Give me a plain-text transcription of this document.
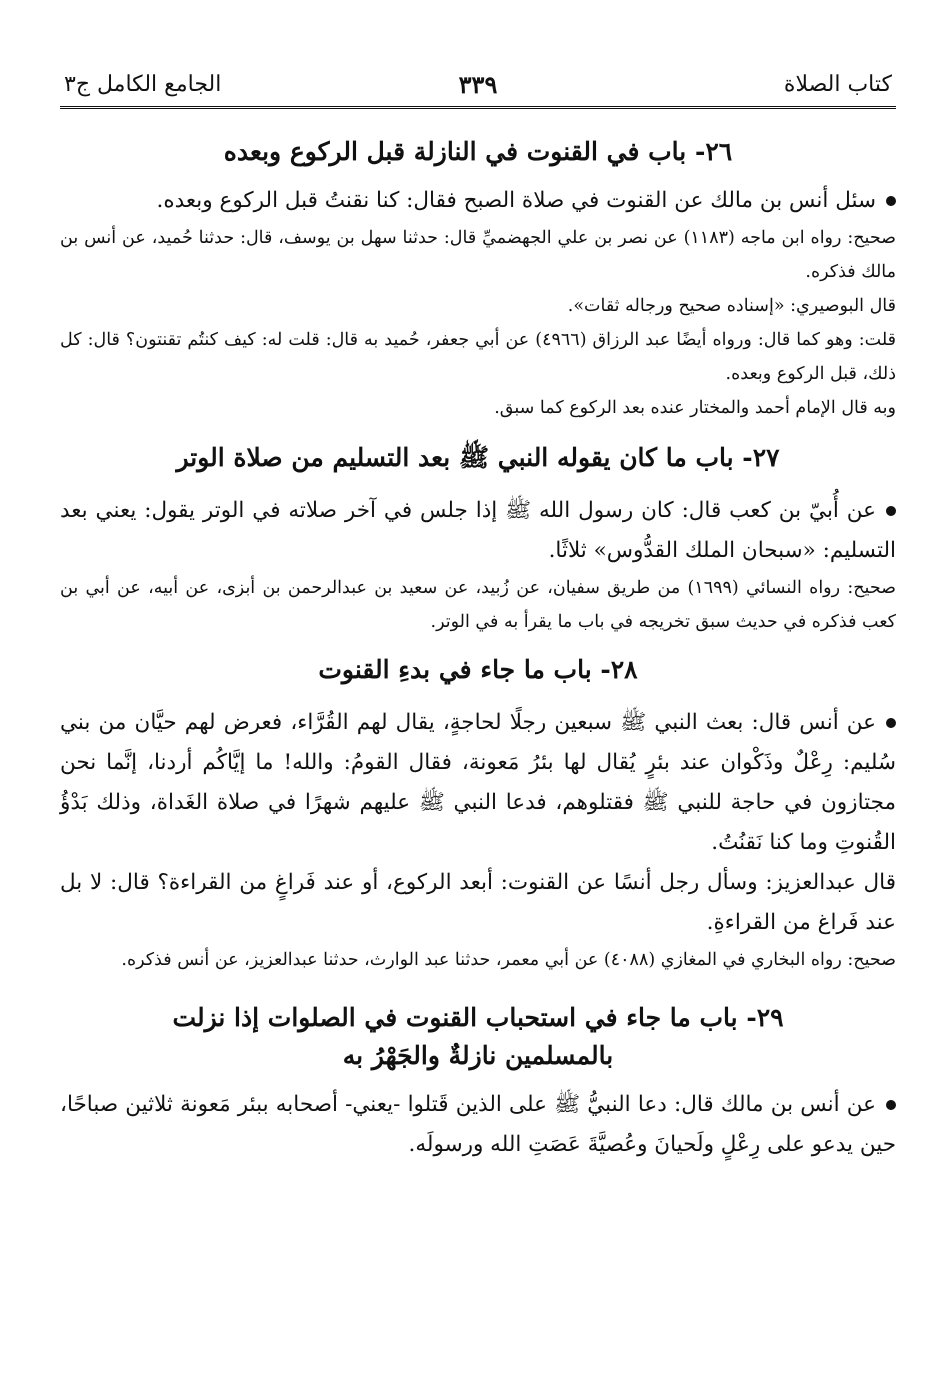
كتاب الصلاة
٣٣٩
الجامع الكامل ج٣
٢٦- باب في القنوت في النازلة قبل الركوع وبعده

سئل أنس بن مالك عن القنوت في صلاة الصبح فقال: كنا نقنتُ قبل الركوع وبعده.

صحيح: رواه ابن ماجه (١١٨٣) عن نصر بن علي الجهضميِّ قال: حدثنا سهل بن يوسف، قال: حدثنا حُميد، عن أنس بن مالك فذكره.

قال البوصيري: «إسناده صحيح ورجاله ثقات».

قلت: وهو كما قال: ورواه أيضًا عبد الرزاق (٤٩٦٦) عن أبي جعفر، حُميد به قال: قلت له: كيف كنتُم تقنتون؟ قال: كل ذلك، قبل الركوع وبعده.

وبه قال الإمام أحمد والمختار عنده بعد الركوع كما سبق.

٢٧- باب ما كان يقوله النبي ﷺ بعد التسليم من صلاة الوتر

عن أُبيّ بن كعب قال: كان رسول الله ﷺ إذا جلس في آخر صلاته في الوتر يقول: يعني بعد التسليم: «سبحان الملك القدُّوس» ثلاثًا.

صحيح: رواه النسائي (١٦٩٩) من طريق سفيان، عن زُبيد، عن سعيد بن عبدالرحمن بن أبزى، عن أبيه، عن أبي بن كعب فذكره في حديث سبق تخريجه في باب ما يقرأ به في الوتر.

٢٨- باب ما جاء في بدءِ القنوت

عن أنس قال: بعث النبي ﷺ سبعين رجلًا لحاجةٍ، يقال لهم القُرَّاء، فعرض لهم حيَّان من بني سُليم: رِعْلٌ وذَكْوان عند بئرٍ يُقال لها بئرُ مَعونة، فقال القومُ: والله! ما إيَّاكُم أردنا، إنَّما نحن مجتازون في حاجة للنبي ﷺ فقتلوهم، فدعا النبي ﷺ عليهم شهرًا في صلاة الغَداة، وذلك بَدْؤُ القُنوتِ وما كنا نَقنُتُ.

قال عبدالعزيز: وسأل رجل أنسًا عن القنوت: أبعد الركوع، أو عند فَراغٍ من القراءة؟ قال: لا بل عند فَراغ من القراءةِ.

صحيح: رواه البخاري في المغازي (٤٠٨٨) عن أبي معمر، حدثنا عبد الوارث، حدثنا عبدالعزيز، عن أنس فذكره.

٢٩- باب ما جاء في استحباب القنوت في الصلوات إذا نزلت
بالمسلمين نازلةٌ والجَهْرُ به

عن أنس بن مالك قال: دعا النبيُّ ﷺ على الذين قَتلوا -يعني- أصحابه ببئر مَعونة ثلاثين صباحًا، حين يدعو على رِعْلٍ ولَحيانَ وعُصيَّةَ عَصَتِ الله ورسولَه.
